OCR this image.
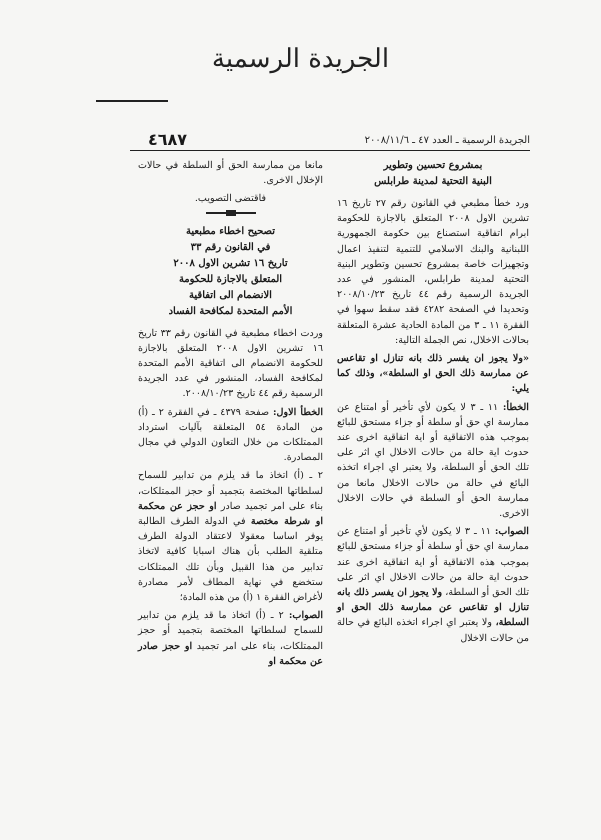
الجريدة الرسمية
٤٦٨٧	الجريدة الرسمية ـ العدد ٤٧ ـ ٢٠٠٨/١١/٦
بمشروع تحسين وتطوير
البنية التحتية لمدينة طرابلس

ورد خطأ مطبعي في القانون رقم ٢٧ تاريخ ١٦ تشرين الاول ٢٠٠٨ المتعلق بالاجازة للحكومة ابرام اتفاقية استصناع بين حكومة الجمهورية اللبنانية والبنك الاسلامي للتنمية لتنفيذ اعمال وتجهيزات خاصة بمشروع تحسين وتطوير البنية التحتية لمدينة طرابلس، المنشور في عدد الجريدة الرسمية رقم ٤٤ تاريخ ٢٠٠٨/١٠/٢٣ وتحديدا في الصفحة ٤٢٨٢ فقد سقط سهوا في الفقرة ١١ ـ ٣ من المادة الحادية عشرة المتعلقة بحالات الاخلال، نص الجملة التالية:

«ولا يجوز ان يفسر ذلك بانه تنازل او تقاعس عن ممارسة ذلك الحق او السلطة»، وذلك كما يلي:

الخطأ: ١١ ـ ٣ لا يكون لأي تأخير أو امتناع عن ممارسة اي حق أو سلطة أو جزاء مستحق للبائع بموجب هذه الاتفاقية أو اية اتفاقية اخرى عند حدوث اية حالة من حالات الاخلال اي اثر على تلك الحق أو السلطة، ولا يعتبر اي اجراء اتخذه البائع في حالة من حالات الاخلال مانعا من ممارسة الحق أو السلطة في حالات الاخلال الاخرى.

الصواب: ١١ ـ ٣ لا يكون لأي تأخير أو امتناع عن ممارسة اي حق أو سلطة أو جزاء مستحق للبائع بموجب هذه الاتفاقية أو اية اتفاقية اخرى عند حدوث اية حالة من حالات الاخلال اي اثر على تلك الحق أو السلطة، ولا يجوز ان يفسر ذلك بانه تنازل او تقاعس عن ممارسة ذلك الحق او السلطة، ولا يعتبر اي اجراء اتخذه البائع في حالة من حالات الاخلال

مانعا من ممارسة الحق أو السلطة في حالات الإخلال الاخرى.

فاقتضى التصويب.

تصحيح اخطاء مطبعية
في القانون رقم ٣٣
تاريخ ١٦ تشرين الاول ٢٠٠٨
المتعلق بالاجازة للحكومة
الانضمام الى اتفاقية
الأمم المتحدة لمكافحة الفساد

وردت اخطاء مطبعية في القانون رقم ٣٣ تاريخ ١٦ تشرين الاول ٢٠٠٨ المتعلق بالاجازة للحكومة الانضمام الى اتفاقية الأمم المتحدة لمكافحة الفساد، المنشور في عدد الجريدة الرسمية رقم ٤٤ تاريخ ٢٠٠٨/١٠/٢٣.

الخطأ الاول: صفحة ٤٣٧٩ ـ في الفقرة ٢ ـ (أ) من المادة ٥٤ المتعلقة بآليات استرداد الممتلكات من خلال التعاون الدولي في مجال المصادرة.

٢ ـ (أ) اتخاذ ما قد يلزم من تدابير للسماح لسلطاتها المختصة بتجميد أو حجز الممتلكات، بناء على امر تجميد صادر او حجز عن محكمة او شرطة مختصة في الدولة الطرف الطالبة يوفر اساسا معقولا لاعتقاد الدولة الطرف متلقية الطلب بأن هناك اسبابا كافية لاتخاذ تدابير من هذا القبيل وبأن تلك الممتلكات ستخضع في نهاية المطاف لأمر مصادرة لأغراض الفقرة ١ (أ) من هذه المادة؛

الصواب: ٢ ـ (أ) اتخاذ ما قد يلزم من تدابير للسماح لسلطاتها المختصة بتجميد أو حجز الممتلكات، بناء على امر تجميد او حجز صادر عن محكمة او
